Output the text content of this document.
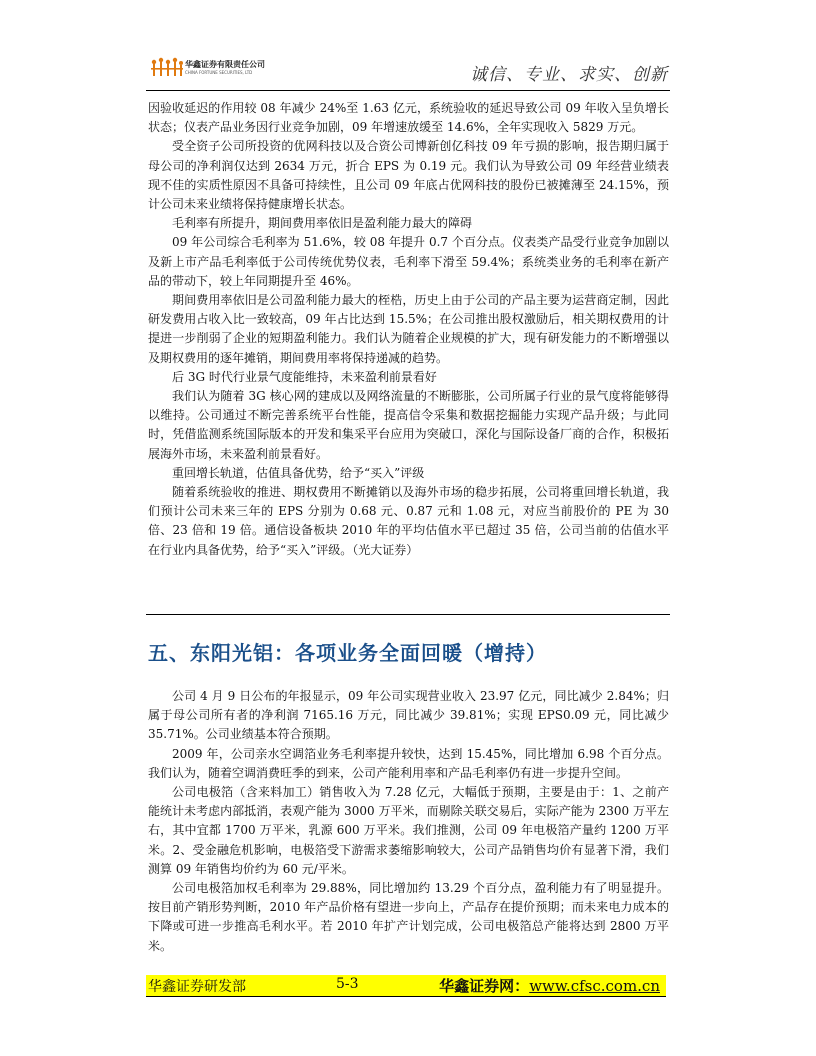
华鑫证券有限责任公司
CHINA FORTUNE SECURITIES, LTD	诚信、专业、求实、创新

因验收延迟的作用较 08 年减少 24%至 1.63 亿元，系统验收的延迟导致公司 09 年收入呈负增长状态；仪表产品业务因行业竞争加剧，09 年增速放缓至 14.6%，全年实现收入 5829 万元。

受全资子公司所投资的优网科技以及合资公司博新创亿科技 09 年亏损的影响，报告期归属于母公司的净利润仅达到 2634 万元，折合 EPS 为 0.19 元。我们认为导致公司 09 年经营业绩表现不佳的实质性原因不具备可持续性，且公司 09 年底占优网科技的股份已被摊薄至 24.15%，预计公司未来业绩将保持健康增长状态。

毛利率有所提升，期间费用率依旧是盈利能力最大的障碍

09 年公司综合毛利率为 51.6%，较 08 年提升 0.7 个百分点。仪表类产品受行业竞争加剧以及新上市产品毛利率低于公司传统优势仪表，毛利率下滑至 59.4%；系统类业务的毛利率在新产品的带动下，较上年同期提升至 46%。

期间费用率依旧是公司盈利能力最大的桎梏，历史上由于公司的产品主要为运营商定制，因此研发费用占收入比一致较高，09 年占比达到 15.5%；在公司推出股权激励后，相关期权费用的计提进一步削弱了企业的短期盈利能力。我们认为随着企业规模的扩大，现有研发能力的不断增强以及期权费用的逐年摊销，期间费用率将保持递减的趋势。

后 3G 时代行业景气度能维持，未来盈利前景看好

我们认为随着 3G 核心网的建成以及网络流量的不断膨胀，公司所属子行业的景气度将能够得以维持。公司通过不断完善系统平台性能，提高信令采集和数据挖掘能力实现产品升级；与此同时，凭借监测系统国际版本的开发和集采平台应用为突破口，深化与国际设备厂商的合作，积极拓展海外市场，未来盈利前景看好。

重回增长轨道，估值具备优势，给予“买入”评级

随着系统验收的推进、期权费用不断摊销以及海外市场的稳步拓展，公司将重回增长轨道，我们预计公司未来三年的 EPS 分别为 0.68 元、0.87 元和 1.08 元，对应当前股价的 PE 为 30 倍、23 倍和 19 倍。通信设备板块 2010 年的平均估值水平已超过 35 倍，公司当前的估值水平在行业内具备优势，给予“买入”评级。（光大证券）

五、东阳光铝：各项业务全面回暖（增持）

公司 4 月 9 日公布的年报显示，09 年公司实现营业收入 23.97 亿元，同比减少 2.84%；归属于母公司所有者的净利润 7165.16 万元，同比减少 39.81%；实现 EPS0.09 元，同比减少 35.71%。公司业绩基本符合预期。

2009 年，公司亲水空调箔业务毛利率提升较快，达到 15.45%，同比增加 6.98 个百分点。我们认为，随着空调消费旺季的到来，公司产能利用率和产品毛利率仍有进一步提升空间。

公司电极箔（含来料加工）销售收入为 7.28 亿元，大幅低于预期，主要是由于：1、之前产能统计未考虑内部抵消，表观产能为 3000 万平米，而剔除关联交易后，实际产能为 2300 万平左右，其中宜都 1700 万平米，乳源 600 万平米。我们推测，公司 09 年电极箔产量约 1200 万平米。2、受金融危机影响，电极箔受下游需求萎缩影响较大，公司产品销售均价有显著下滑，我们测算 09 年销售均价约为 60 元/平米。

公司电极箔加权毛利率为 29.88%，同比增加约 13.29 个百分点，盈利能力有了明显提升。按目前产销形势判断，2010 年产品价格有望进一步向上，产品存在提价预期；而未来电力成本的下降或可进一步推高毛利水平。若 2010 年扩产计划完成，公司电极箔总产能将达到 2800 万平米。

华鑫证券研发部	5-3	华鑫证券网：www.cfsc.com.cn
